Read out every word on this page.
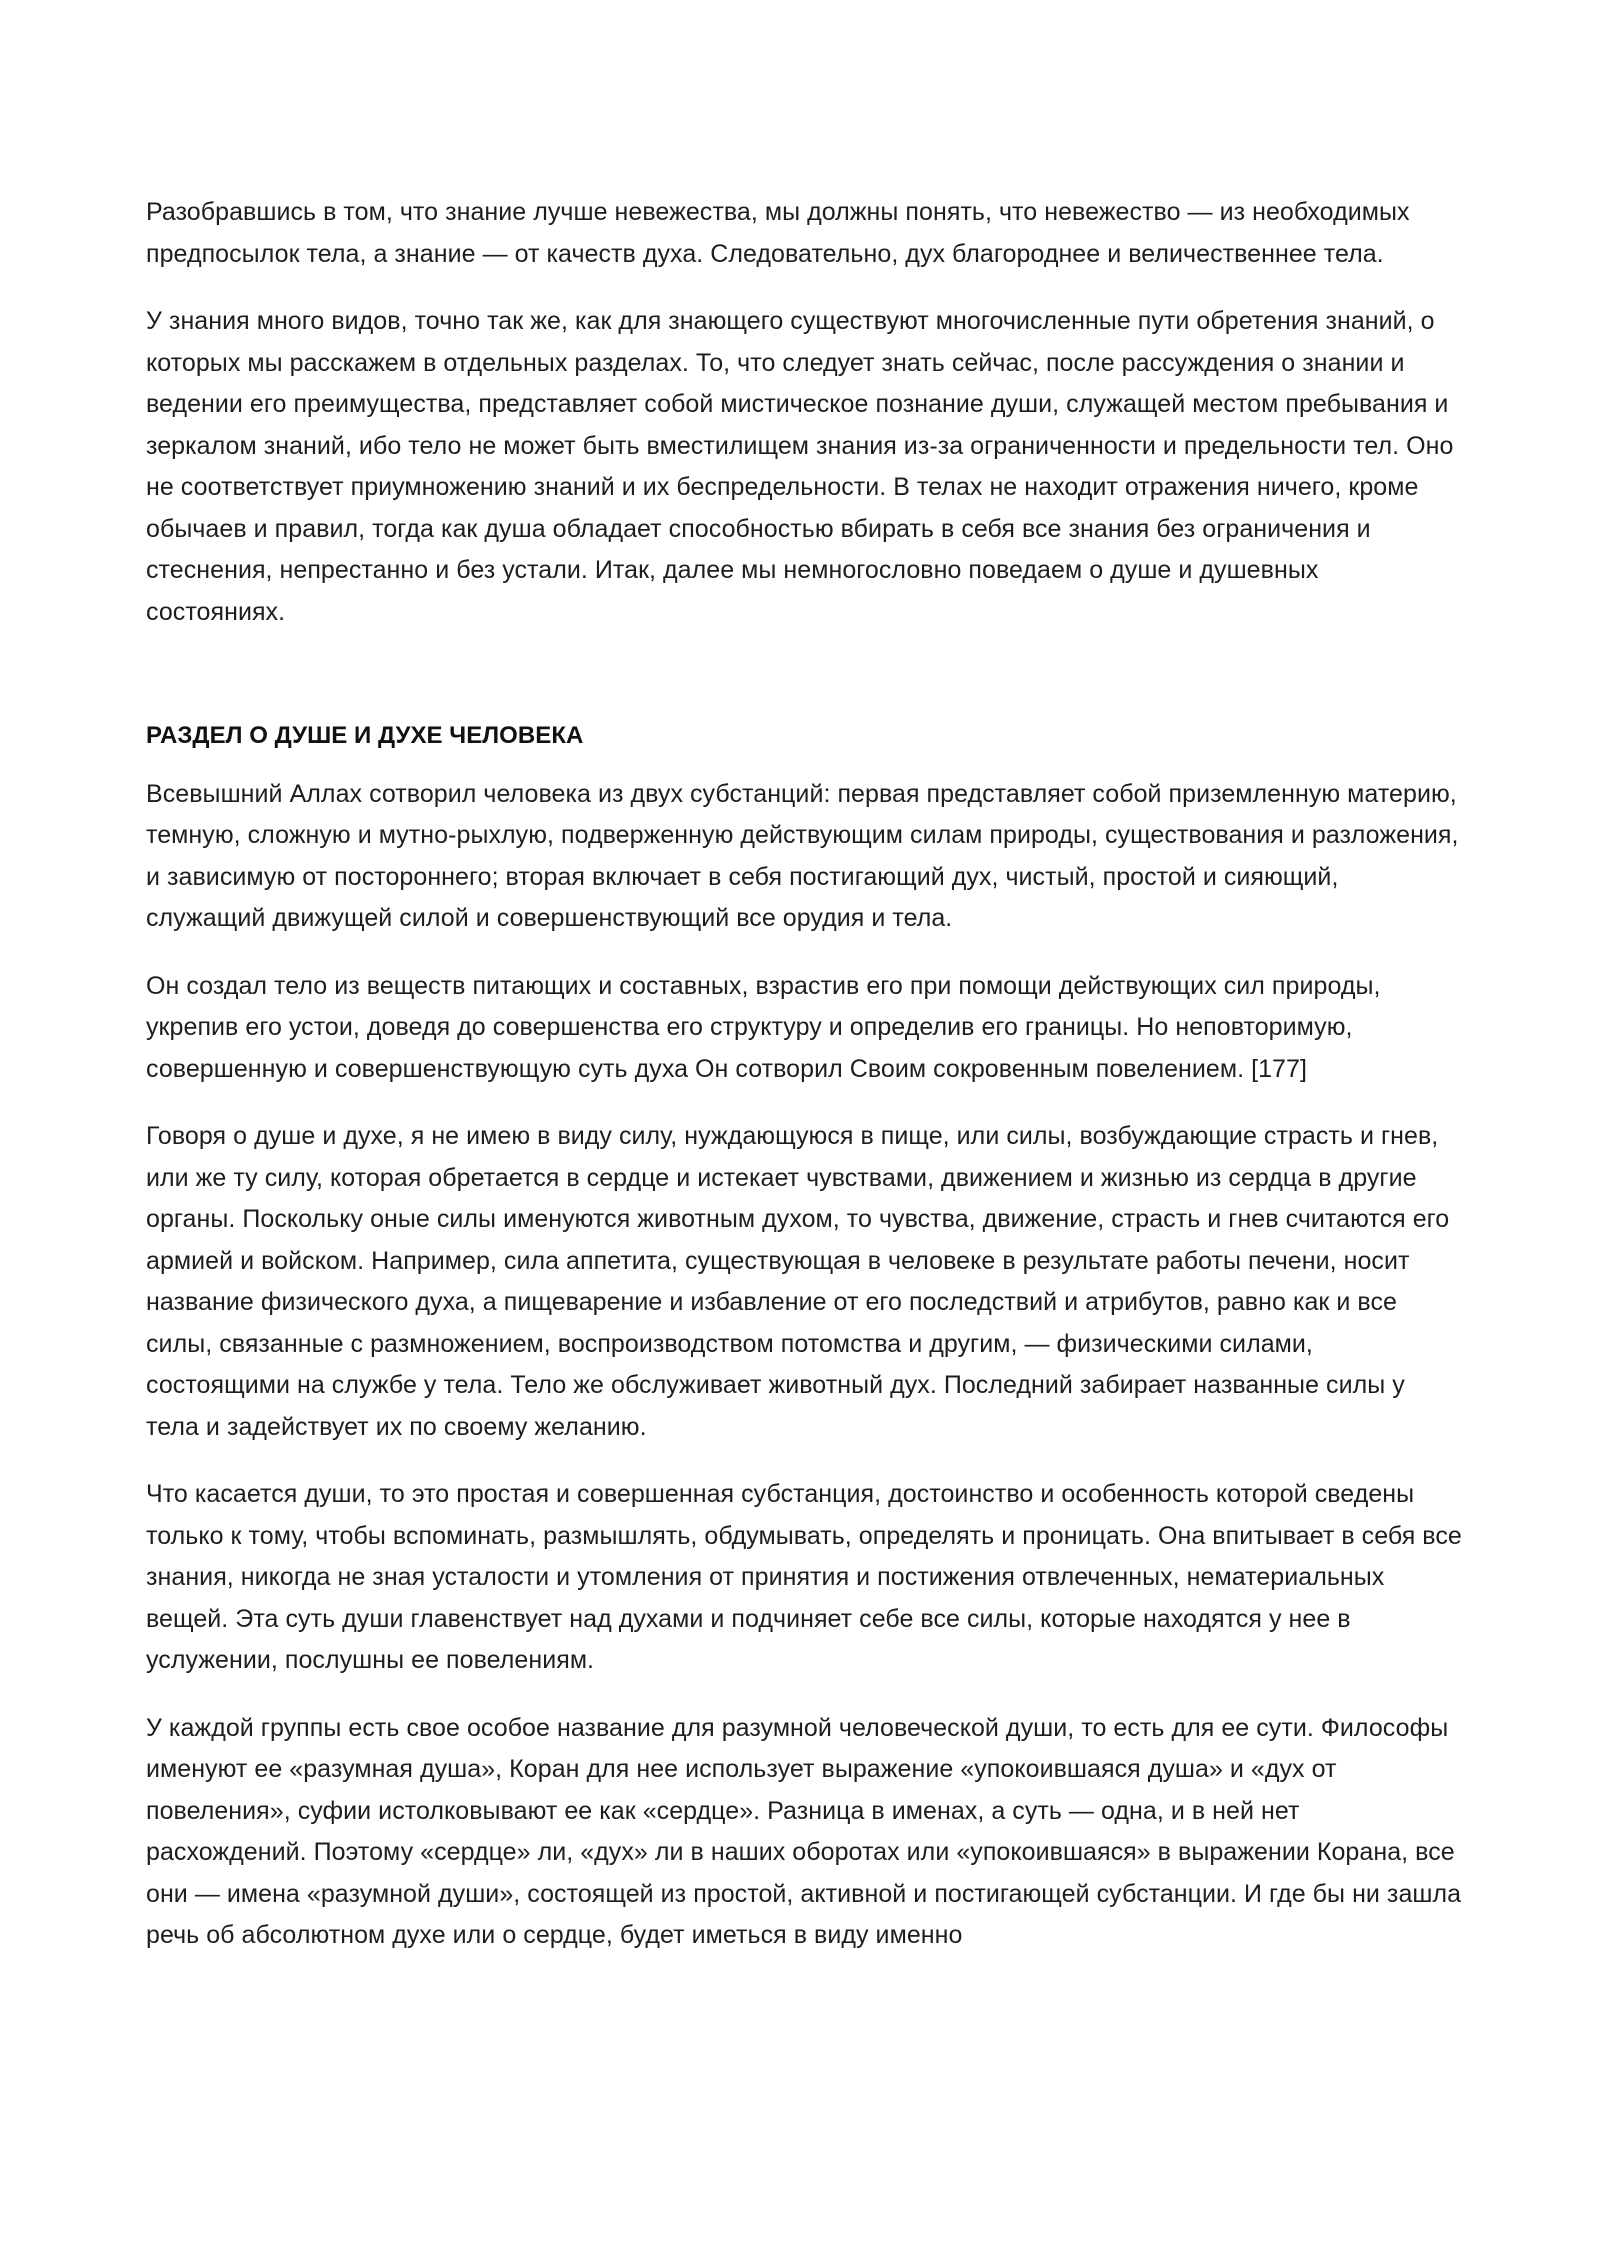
Разобравшись в том, что знание лучше невежества, мы должны понять, что невежество — из необходимых предпосылок тела, а знание — от качеств духа. Следовательно, дух благороднее и величественнее тела.

У знания много видов, точно так же, как для знающего существуют многочисленные пути обретения знаний, о которых мы расскажем в отдельных разделах. То, что следует знать сейчас, после рассуждения о знании и ведении его преимущества, представляет собой мистическое познание души, служащей местом пребывания и зеркалом знаний, ибо тело не может быть вместилищем знания из-за ограниченности и предельности тел. Оно не соответствует приумножению знаний и их беспредельности. В телах не находит отражения ничего, кроме обычаев и правил, тогда как душа обладает способностью вбирать в себя все знания без ограничения и стеснения, непрестанно и без устали. Итак, далее мы немногословно поведаем о душе и душевных состояниях.

РАЗДЕЛ О ДУШЕ И ДУХЕ ЧЕЛОВЕКА

Всевышний Аллах сотворил человека из двух субстанций: первая представляет собой приземленную материю, темную, сложную и мутно-рыхлую, подверженную действующим силам природы, существования и разложения, и зависимую от постороннего; вторая включает в себя постигающий дух, чистый, простой и сияющий, служащий движущей силой и совершенствующий все орудия и тела.

Он создал тело из веществ питающих и составных, взрастив его при помощи действующих сил природы, укрепив его устои, доведя до совершенства его структуру и определив его границы. Но неповторимую, совершенную и совершенствующую суть духа Он сотворил Своим сокровенным повелением. [177]

Говоря о душе и духе, я не имею в виду силу, нуждающуюся в пище, или силы, возбуждающие страсть и гнев, или же ту силу, которая обретается в сердце и истекает чувствами, движением и жизнью из сердца в другие органы. Поскольку оные силы именуются животным духом, то чувства, движение, страсть и гнев считаются его армией и войском. Например, сила аппетита, существующая в человеке в результате работы печени, носит название физического духа, а пищеварение и избавление от его последствий и атрибутов, равно как и все силы, связанные с размножением, воспроизводством потомства и другим, — физическими силами, состоящими на службе у тела. Тело же обслуживает животный дух. Последний забирает названные силы у тела и задействует их по своему желанию.

Что касается души, то это простая и совершенная субстанция, достоинство и особенность которой сведены только к тому, чтобы вспоминать, размышлять, обдумывать, определять и проницать. Она впитывает в себя все знания, никогда не зная усталости и утомления от принятия и постижения отвлеченных, нематериальных вещей. Эта суть души главенствует над духами и подчиняет себе все силы, которые находятся у нее в услужении, послушны ее повелениям.

У каждой группы есть свое особое название для разумной человеческой души, то есть для ее сути. Философы именуют ее «разумная душа», Коран для нее использует выражение «упокоившаяся душа» и «дух от повеления», суфии истолковывают ее как «сердце». Разница в именах, а суть — одна, и в ней нет расхождений. Поэтому «сердце» ли, «дух» ли в наших оборотах или «упокоившаяся» в выражении Корана, все они — имена «разумной души», состоящей из простой, активной и постигающей субстанции. И где бы ни зашла речь об абсолютном духе или о сердце, будет иметься в виду именно
